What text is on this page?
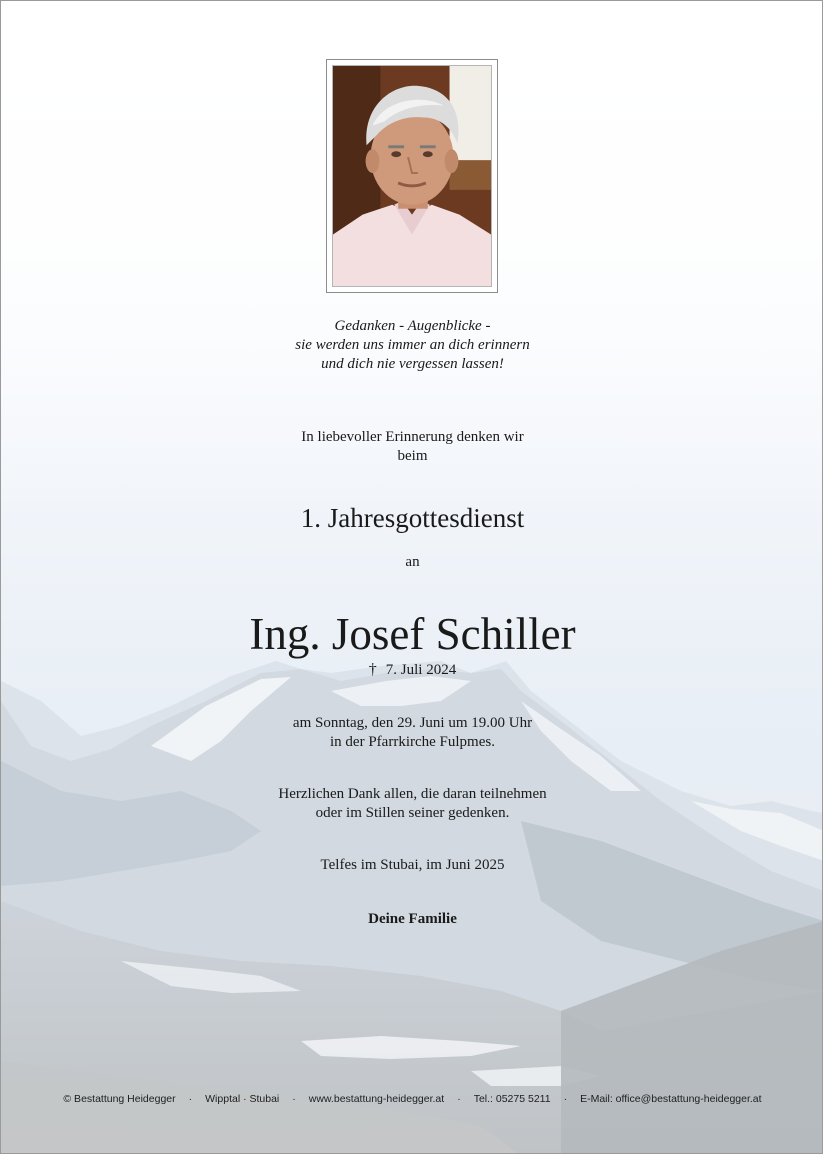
Gedanken - Augenblicke -
sie werden uns immer an dich erinnern
und dich nie vergessen lassen!
In liebevoller Erinnerung denken wir
beim
1. Jahresgottesdienst
an
Ing. Josef Schiller
† 7. Juli 2024
am Sonntag, den 29. Juni um 19.00 Uhr
in der Pfarrkirche Fulpmes.
Herzlichen Dank allen, die daran teilnehmen
oder im Stillen seiner gedenken.
Telfes im Stubai, im Juni 2025
Deine Familie
© Bestattung Heidegger · Wipptal · Stubai · www.bestattung-heidegger.at · Tel.: 05275 5211 · E-Mail: office@bestattung-heidegger.at
